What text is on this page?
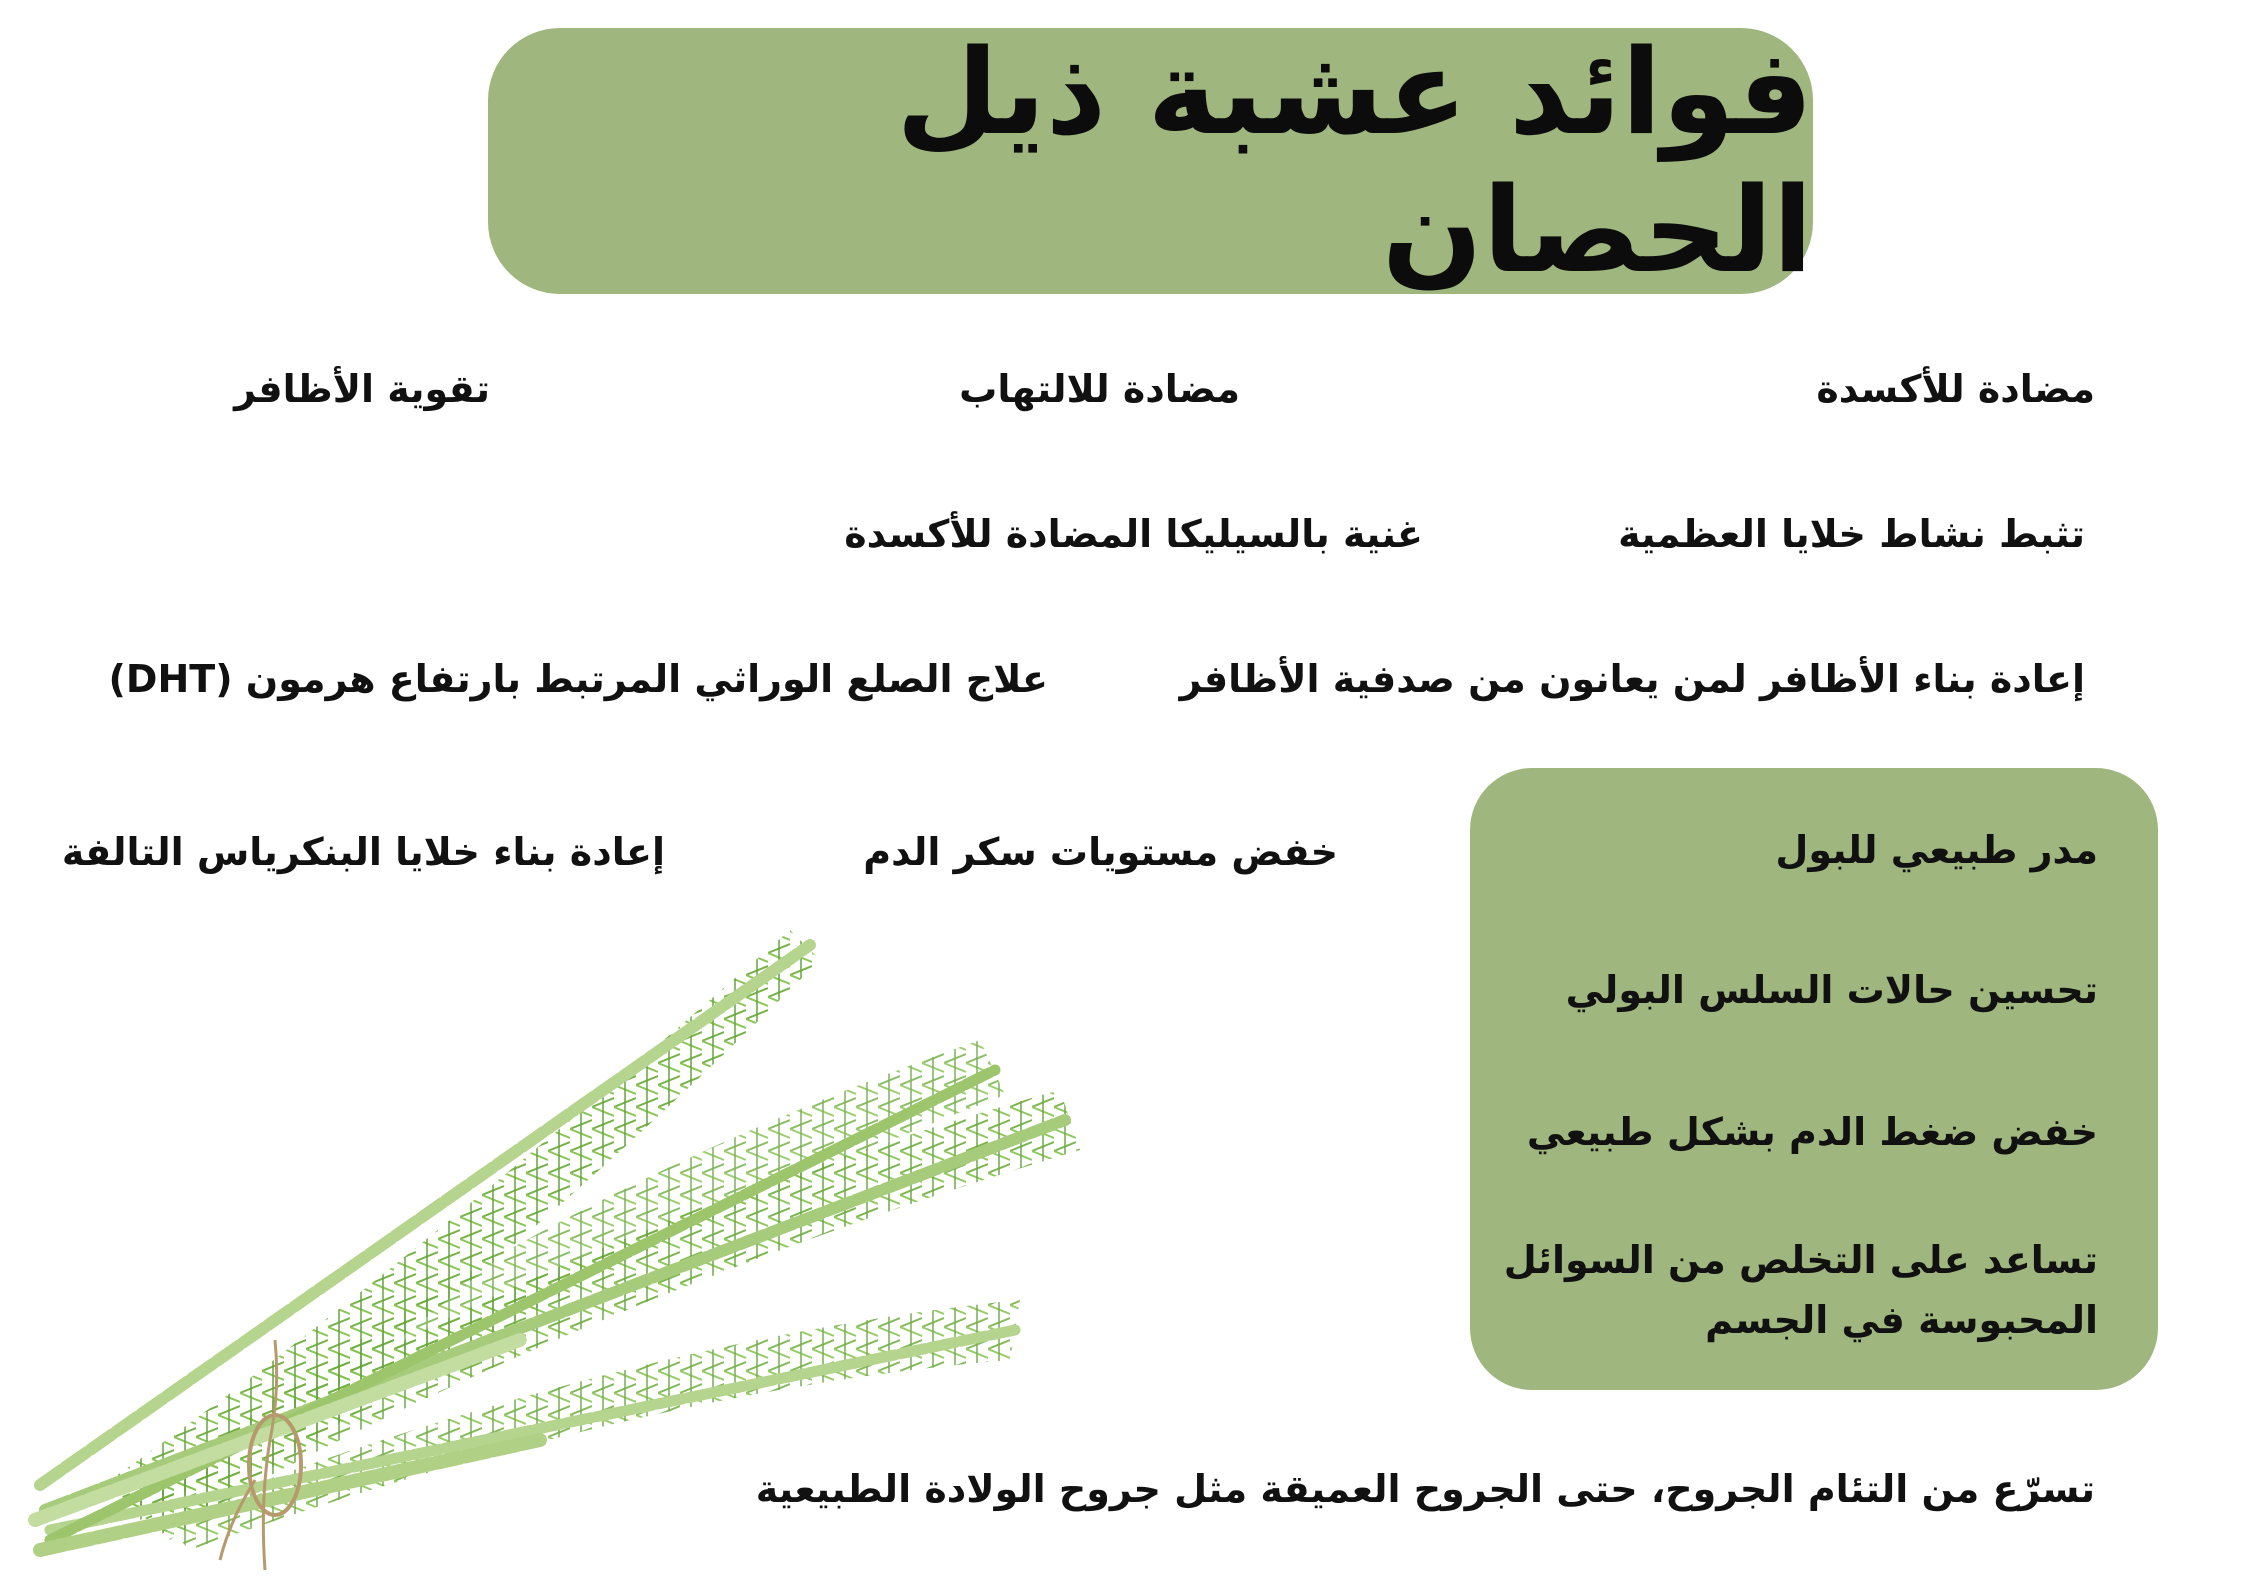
فوائد عشبة ذيل الحصان
مضادة للأكسدة
مضادة للالتهاب
تقوية الأظافر
تثبط نشاط خلايا العظمية
غنية بالسيليكا المضادة للأكسدة
إعادة بناء الأظافر لمن يعانون من صدفية الأظافر
علاج الصلع الوراثي المرتبط بارتفاع هرمون (DHT)
خفض مستويات سكر الدم
إعادة بناء خلايا البنكرياس التالفة	مدر طبيعي للبول
تحسين حالات السلس البولي
خفض ضغط الدم بشكل طبيعي
تساعد على التخلص من السوائل
المحبوسة في الجسم
تسرّع من التئام الجروح، حتى الجروح العميقة مثل جروح الولادة الطبيعية
